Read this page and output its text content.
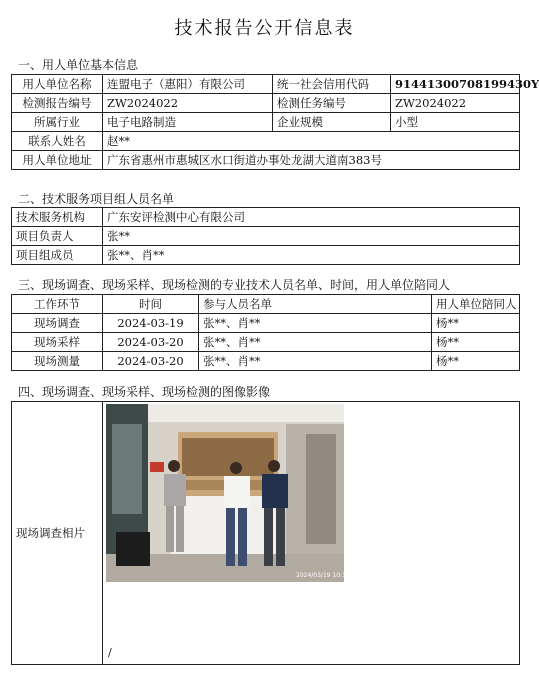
技术报告公开信息表
一、用人单位基本信息
用人单位名称	连盟电子（惠阳）有限公司	统一社会信用代码	91441300708199430Y
检测报告编号	ZW2024022	检测任务编号	ZW2024022
所属行业	电子电路制造	企业规模	小型
联系人姓名	赵**		
用人单位地址	广东省惠州市惠城区水口街道办事处龙湖大道南383号		
二、技术服务项目组人员名单
技术服务机构	广东安评检测中心有限公司
项目负责人	张**
项目组成员	张**、肖**
三、现场调查、现场采样、现场检测的专业技术人员名单、时间，用人单位陪同人
工作环节	时间	参与人员名单	用人单位陪同人
现场调查	2024-03-19	张**、肖**	杨**
现场采样	2024-03-20	张**、肖**	杨**
现场测量	2024-03-20	张**、肖**	杨**
四、现场调查、现场采样、现场检测的图像影像
现场调查相片	
2024/03/19 10:17
/
